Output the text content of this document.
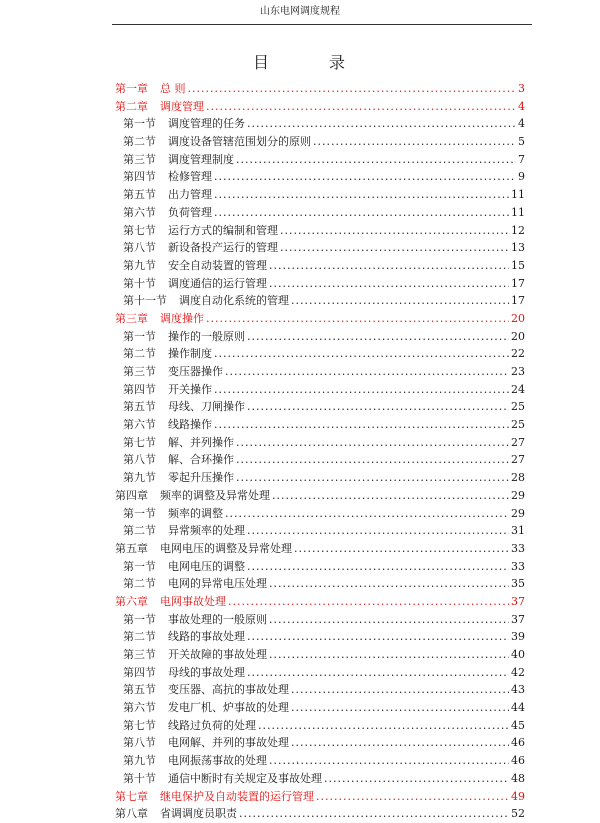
山东电网调度规程
目	录
第一章 总 则 .....	3
第二章 调度管理 .....	4
第一节 调度管理的任务 .....	4
第二节 调度设备管辖范围划分的原则 .....	5
第三节 调度管理制度 .....	7
第四节 检修管理 .....	9
第五节 出力管理 .....	11
第六节 负荷管理 .....	11
第七节 运行方式的编制和管理 .....	12
第八节 新设备投产运行的管理 .....	13
第九节 安全自动装置的管理 .....	15
第十节 调度通信的运行管理 .....	17
第十一节 调度自动化系统的管理 .....	17
第三章 调度操作 .....	20
第一节 操作的一般原则 .....	20
第二节 操作制度 .....	22
第三节 变压器操作 .....	23
第四节 开关操作 .....	24
第五节 母线、刀闸操作 .....	25
第六节 线路操作 .....	25
第七节 解、并列操作 .....	27
第八节 解、合环操作 .....	27
第九节 零起升压操作 .....	28
第四章 频率的调整及异常处理 .....	29
第一节 频率的调整 .....	29
第二节 异常频率的处理 .....	31
第五章 电网电压的调整及异常处理 .....	33
第一节 电网电压的调整 .....	33
第二节 电网的异常电压处理 .....	35
第六章 电网事故处理 .....	37
第一节 事故处理的一般原则 .....	37
第二节 线路的事故处理 .....	39
第三节 开关故障的事故处理 .....	40
第四节 母线的事故处理 .....	42
第五节 变压器、高抗的事故处理 .....	43
第六节 发电厂机、炉事故的处理 .....	44
第七节 线路过负荷的处理 .....	45
第八节 电网解、并列的事故处理 .....	46
第九节 电网振荡事故的处理 .....	46
第十节 通信中断时有关规定及事故处理 .....	48
第七章 继电保护及自动装置的运行管理 .....	49
第八章 省调调度员职责 .....	52
·
